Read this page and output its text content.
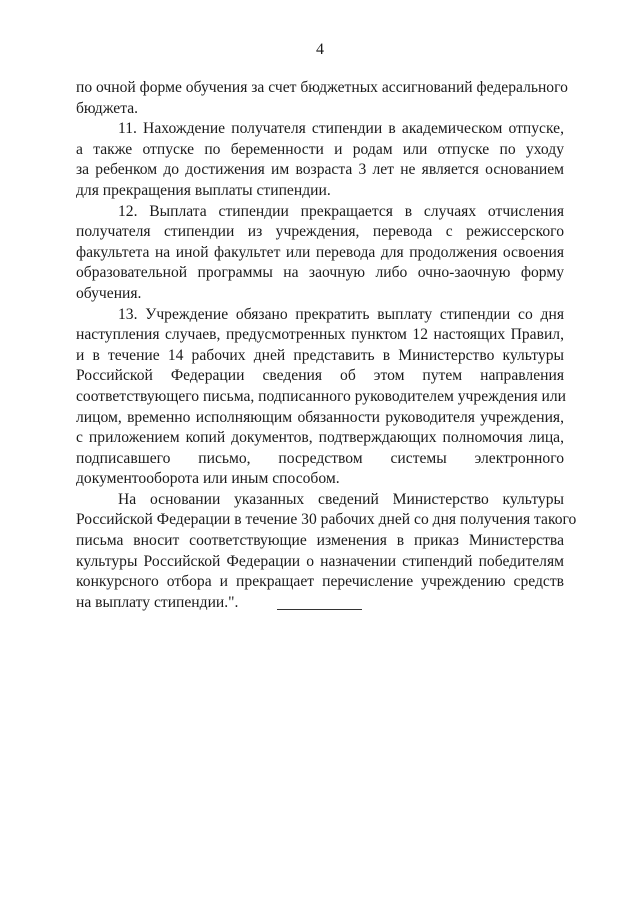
4

по очной форме обучения за счет бюджетных ассигнований федерального
бюджета.

11. Нахождение получателя стипендии в академическом отпуске,
а также отпуске по беременности и родам или отпуске по уходу
за ребенком до достижения им возраста 3 лет не является основанием
для прекращения выплаты стипендии.

12. Выплата стипендии прекращается в случаях отчисления
получателя стипендии из учреждения, перевода с режиссерского
факультета на иной факультет или перевода для продолжения освоения
образовательной программы на заочную либо очно-заочную форму
обучения.

13. Учреждение обязано прекратить выплату стипендии со дня
наступления случаев, предусмотренных пунктом 12 настоящих Правил,
и в течение 14 рабочих дней представить в Министерство культуры
Российской Федерации сведения об этом путем направления
соответствующего письма, подписанного руководителем учреждения или
лицом, временно исполняющим обязанности руководителя учреждения,
с приложением копий документов, подтверждающих полномочия лица,
подписавшего письмо, посредством системы электронного
документооборота или иным способом.

На основании указанных сведений Министерство культуры
Российской Федерации в течение 30 рабочих дней со дня получения такого
письма вносит соответствующие изменения в приказ Министерства
культуры Российской Федерации о назначении стипендий победителям
конкурсного отбора и прекращает перечисление учреждению средств
на выплату стипендии.".
